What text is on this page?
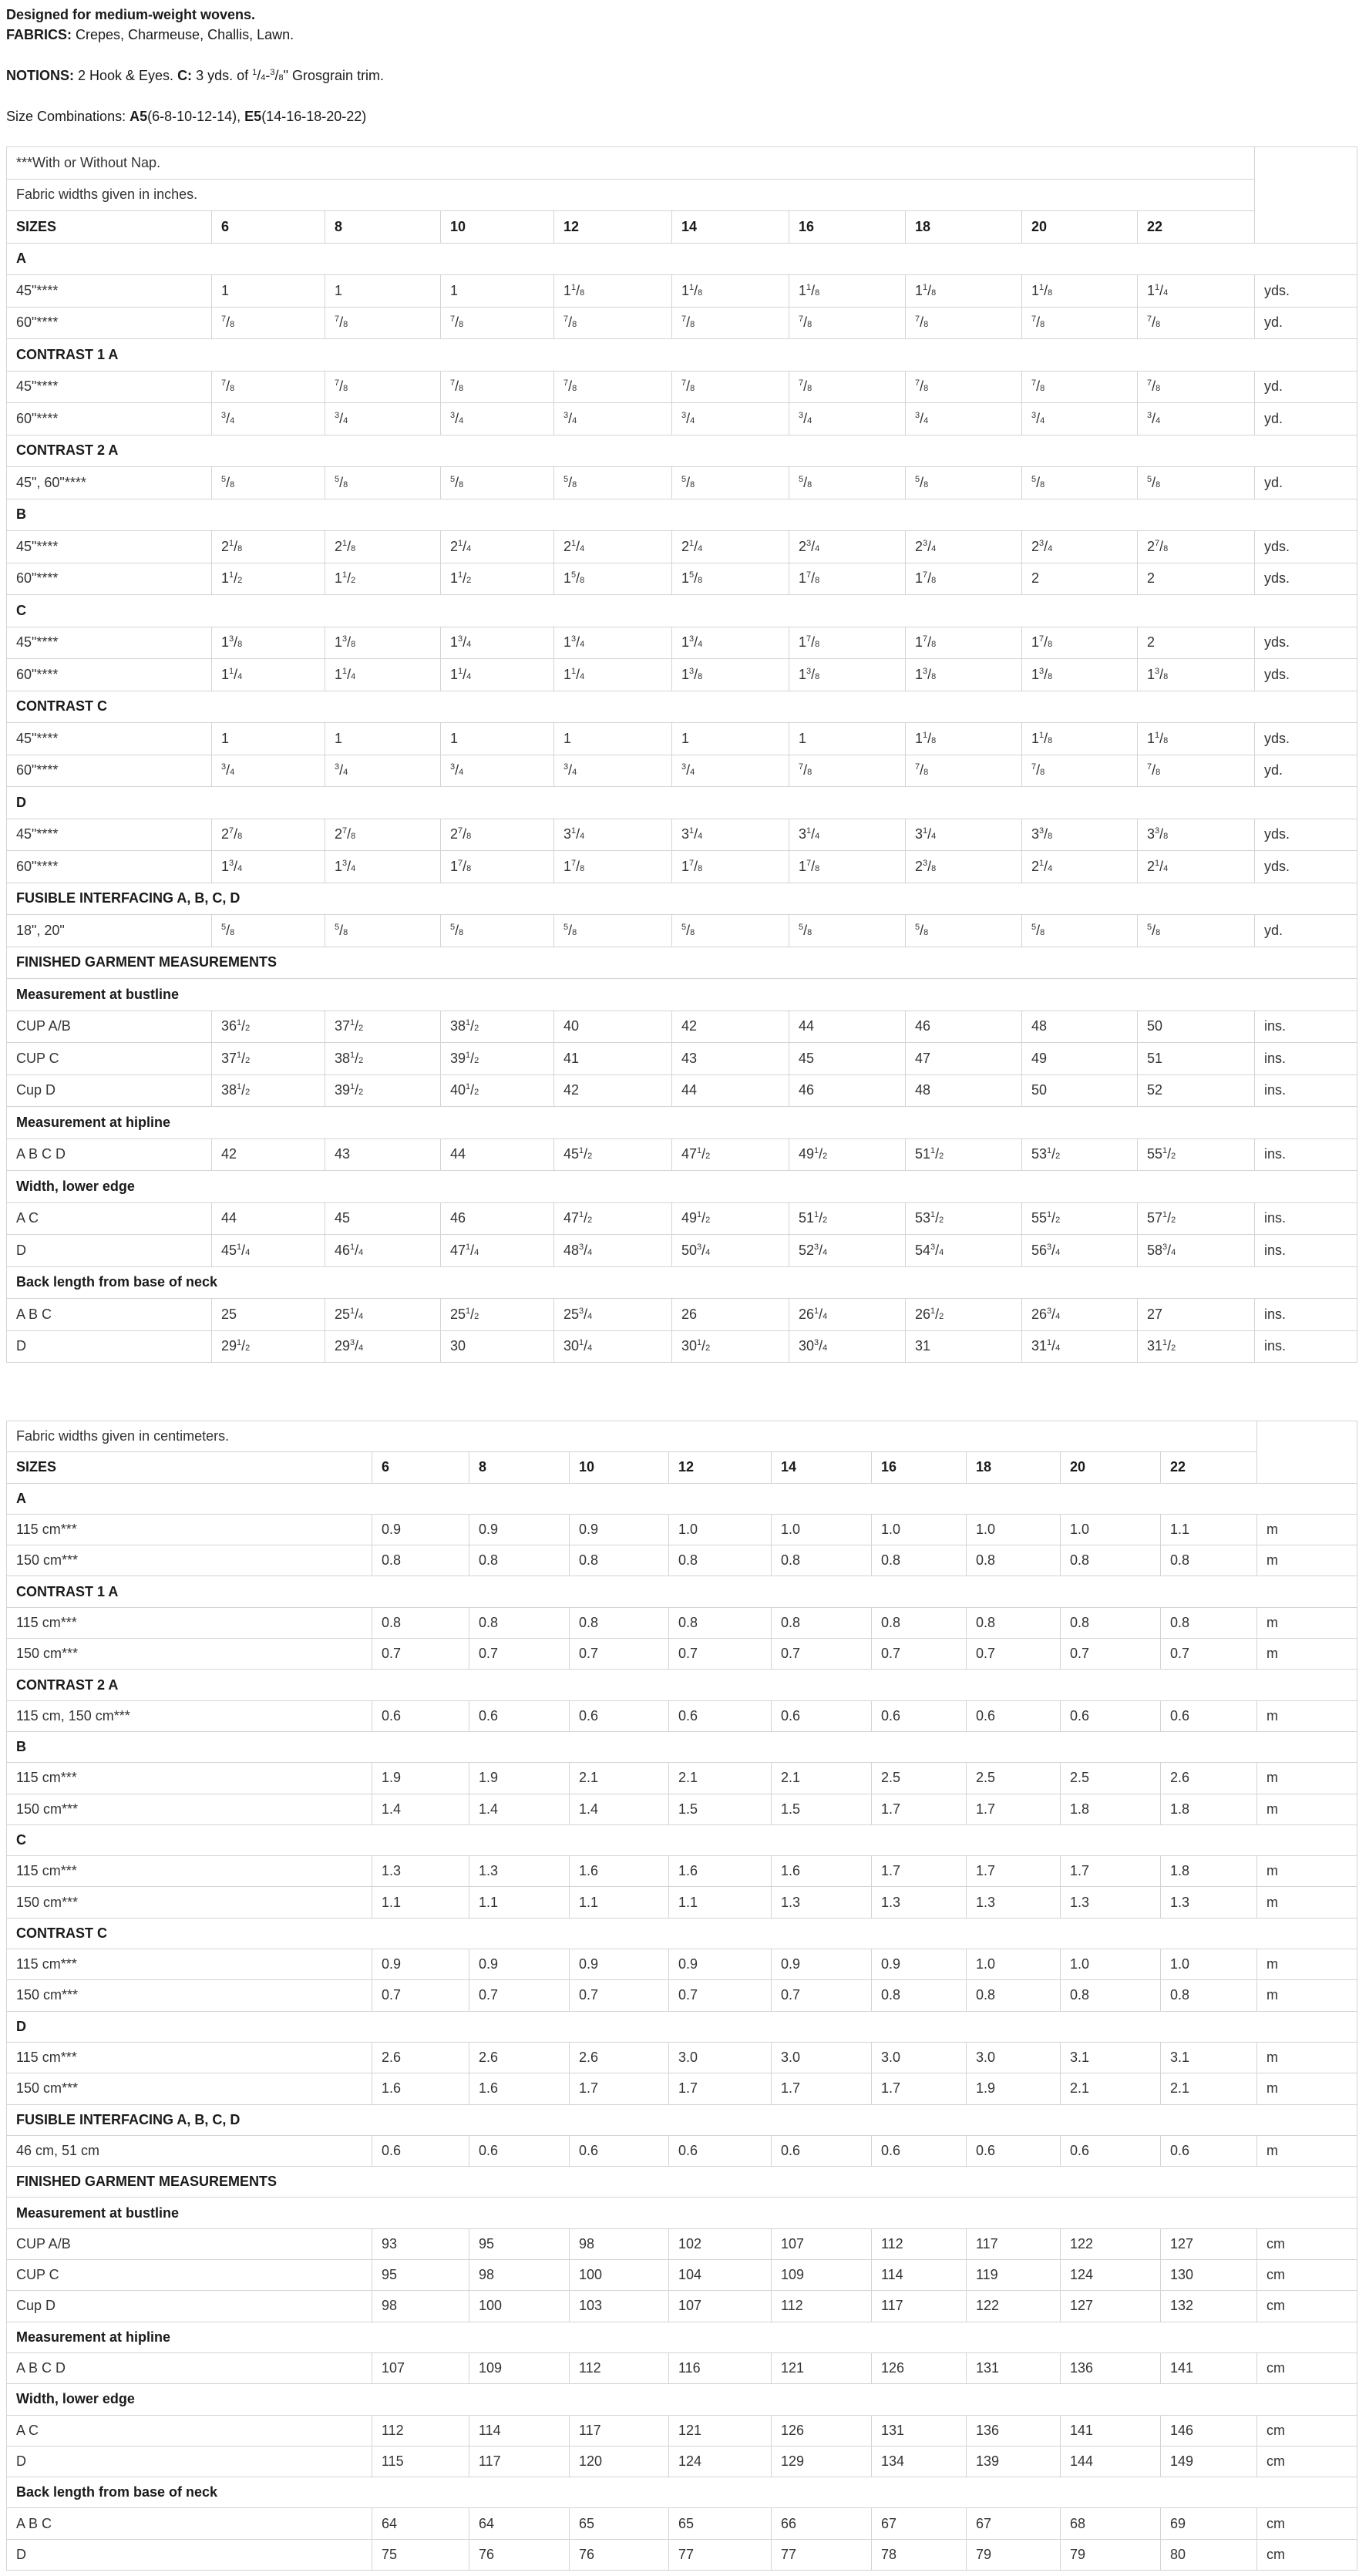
Designed for medium-weight wovens.

FABRICS: Crepes, Charmeuse, Challis, Lawn.

NOTIONS: 2 Hook & Eyes. C: 3 yds. of $^1$/4-$^3$/8" Grosgrain trim.

Size Combinations: A5(6-8-10-12-14), E5(14-16-18-20-22)

***With or Without Nap.										
Fabric widths given in inches.										
SIZES	6	8	10	12	14	16	18	20	22	
A										
45"****	1	1	1	$1^1/8$	$1^1/8$	$1^1/8$	$1^1/8$	$1^1/8$	$1^1/4$	yds.
60"****	$^7$/8	$^7$/8	$^7$/8	$^7$/8	$^7$/8	$^7$/8	$^7$/8	$^7$/8	$^7$/8	yd.
CONTRAST 1 A										
45"****	$^7$/8	$^7$/8	$^7$/8	$^7$/8	$^7$/8	$^7$/8	$^7$/8	$^7$/8	$^7$/8	yd.
60"****	$^3$/4	$^3$/4	$^3$/4	$^3$/4	$^3$/4	$^3$/4	$^3$/4	$^3$/4	$^3$/4	yd.
CONTRAST 2 A										
45", 60"****	$^5$/8	$^5$/8	$^5$/8	$^5$/8	$^5$/8	$^5$/8	$^5$/8	$^5$/8	$^5$/8	yd.
B										
45"****	$2^1/8$	$2^1/8$	$2^1/4$	$2^1/4$	$2^1/4$	$2^3/4$	$2^3/4$	$2^3/4$	$2^7/8$	yds.
60"****	$1^1/2$	$1^1/2$	$1^1/2$	$1^5/8$	$1^5/8$	$1^7/8$	$1^7/8$	2	2	yds.
C										
45"****	$1^3/8$	$1^3/8$	$1^3/4$	$1^3/4$	$1^3/4$	$1^7/8$	$1^7/8$	$1^7/8$	2	yds.
60"****	$1^1/4$	$1^1/4$	$1^1/4$	$1^1/4$	$1^3/8$	$1^3/8$	$1^3/8$	$1^3/8$	$1^3/8$	yds.
CONTRAST C										
45"****	1	1	1	1	1	1	$1^1/8$	$1^1/8$	$1^1/8$	yds.
60"****	$^3$/4	$^3$/4	$^3$/4	$^3$/4	$^3$/4	$^7$/8	$^7$/8	$^7$/8	$^7$/8	yd.
D										
45"****	$2^7/8$	$2^7/8$	$2^7/8$	$3^1/4$	$3^1/4$	$3^1/4$	$3^1/4$	$3^3/8$	$3^3/8$	yds.
60"****	$1^3/4$	$1^3/4$	$1^7/8$	$1^7/8$	$1^7/8$	$1^7/8$	$2^3/8$	$2^1/4$	$2^1/4$	yds.
FUSIBLE INTERFACING A, B, C, D										
18", 20"	$^5$/8	$^5$/8	$^5$/8	$^5$/8	$^5$/8	$^5$/8	$^5$/8	$^5$/8	$^5$/8	yd.
FINISHED GARMENT MEASUREMENTS										
Measurement at bustline										
CUP A/B	$36^1/2$	$37^1/2$	$38^1/2$	40	42	44	46	48	50	ins.
CUP C	$37^1/2$	$38^1/2$	$39^1/2$	41	43	45	47	49	51	ins.
Cup D	$38^1/2$	$39^1/2$	$40^1/2$	42	44	46	48	50	52	ins.
Measurement at hipline										
A B C D	42	43	44	$45^1/2$	$47^1/2$	$49^1/2$	$51^1/2$	$53^1/2$	$55^1/2$	ins.
Width, lower edge										
A C	44	45	46	$47^1/2$	$49^1/2$	$51^1/2$	$53^1/2$	$55^1/2$	$57^1/2$	ins.
D	$45^1/4$	$46^1/4$	$47^1/4$	$48^3/4$	$50^3/4$	$52^3/4$	$54^3/4$	$56^3/4$	$58^3/4$	ins.
Back length from base of neck										
A B C	25	$25^1/4$	$25^1/2$	$25^3/4$	26	$26^1/4$	$26^1/2$	$26^3/4$	27	ins.
D	$29^1/2$	$29^3/4$	30	$30^1/4$	$30^1/2$	$30^3/4$	31	$31^1/4$	$31^1/2$	ins.
Fabric widths given in centimeters.										
SIZES	6	8	10	12	14	16	18	20	22	
A										
115 cm***	0.9	0.9	0.9	1.0	1.0	1.0	1.0	1.0	1.1	m
150 cm***	0.8	0.8	0.8	0.8	0.8	0.8	0.8	0.8	0.8	m
CONTRAST 1 A										
115 cm***	0.8	0.8	0.8	0.8	0.8	0.8	0.8	0.8	0.8	m
150 cm***	0.7	0.7	0.7	0.7	0.7	0.7	0.7	0.7	0.7	m
CONTRAST 2 A										
115 cm, 150 cm***	0.6	0.6	0.6	0.6	0.6	0.6	0.6	0.6	0.6	m
B										
115 cm***	1.9	1.9	2.1	2.1	2.1	2.5	2.5	2.5	2.6	m
150 cm***	1.4	1.4	1.4	1.5	1.5	1.7	1.7	1.8	1.8	m
C										
115 cm***	1.3	1.3	1.6	1.6	1.6	1.7	1.7	1.7	1.8	m
150 cm***	1.1	1.1	1.1	1.1	1.3	1.3	1.3	1.3	1.3	m
CONTRAST C										
115 cm***	0.9	0.9	0.9	0.9	0.9	0.9	1.0	1.0	1.0	m
150 cm***	0.7	0.7	0.7	0.7	0.7	0.8	0.8	0.8	0.8	m
D										
115 cm***	2.6	2.6	2.6	3.0	3.0	3.0	3.0	3.1	3.1	m
150 cm***	1.6	1.6	1.7	1.7	1.7	1.7	1.9	2.1	2.1	m
FUSIBLE INTERFACING A, B, C, D										
46 cm, 51 cm	0.6	0.6	0.6	0.6	0.6	0.6	0.6	0.6	0.6	m
FINISHED GARMENT MEASUREMENTS										
Measurement at bustline										
CUP A/B	93	95	98	102	107	112	117	122	127	cm
CUP C	95	98	100	104	109	114	119	124	130	cm
Cup D	98	100	103	107	112	117	122	127	132	cm
Measurement at hipline										
A B C D	107	109	112	116	121	126	131	136	141	cm
Width, lower edge										
A C	112	114	117	121	126	131	136	141	146	cm
D	115	117	120	124	129	134	139	144	149	cm
Back length from base of neck										
A B C	64	64	65	65	66	67	67	68	69	cm
D	75	76	76	77	77	78	79	79	80	cm
